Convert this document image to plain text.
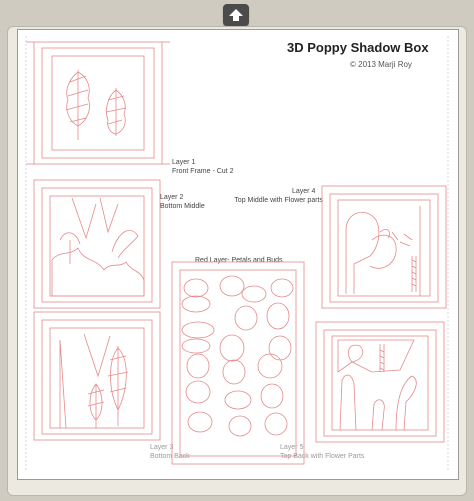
3D Poppy Shadow Box
© 2013 Marji Roy
Layer 1
Front Frame - Cut 2
Layer 2
Bottom Middle
Layer 4
Top Middle with Flower parts
Red Layer- Petals and Buds
Layer 3
Bottom Back
Layer 5
Top Back with Flower Parts
